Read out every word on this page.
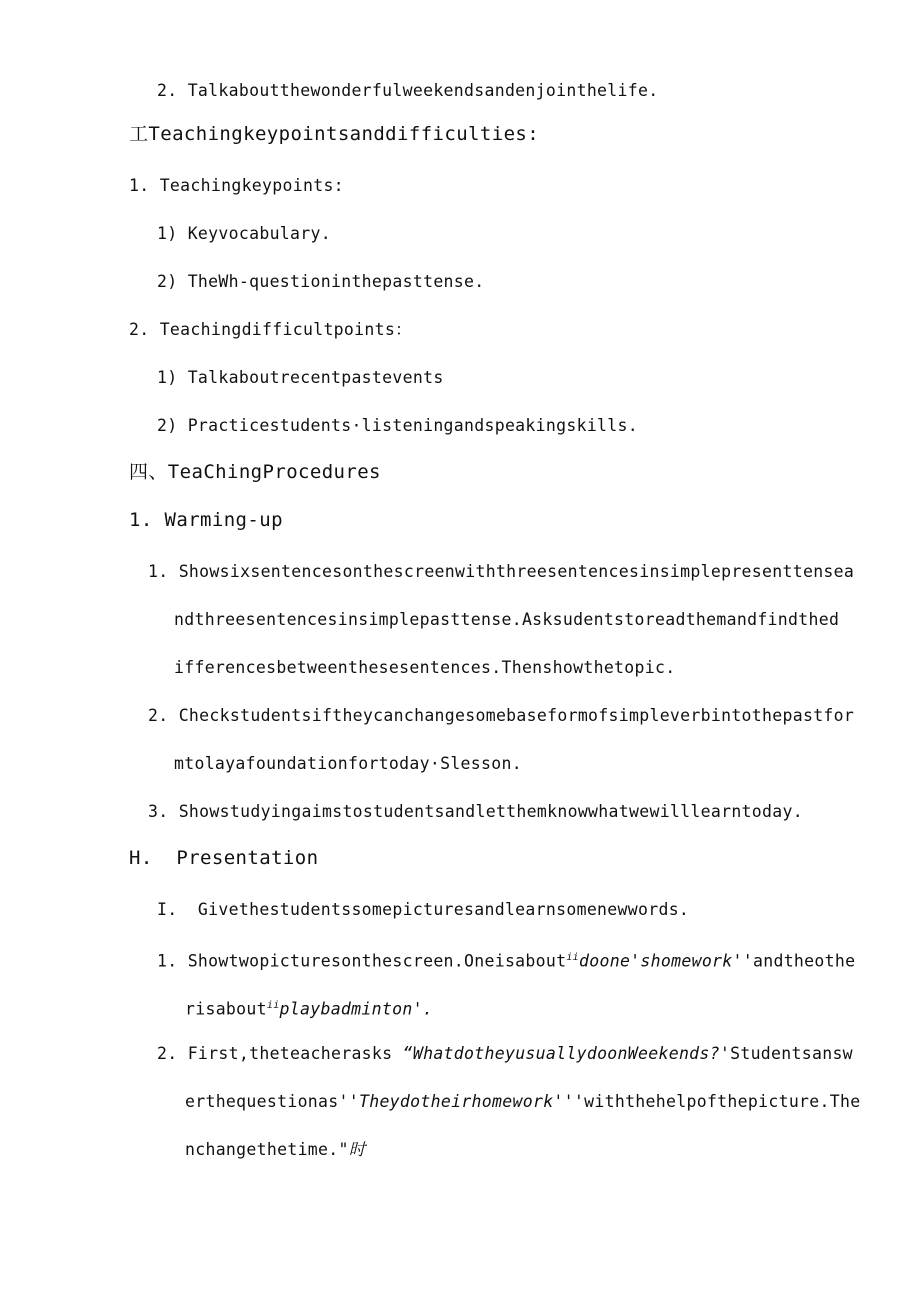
2. Talkaboutthewonderfulweekendsandenjointhelife.
工Teachingkeypointsanddifficulties:
1. Teachingkeypoints:
1) Keyvocabulary.
2) TheWh-questioninthepasttense.
2. Teachingdifficultpoints：
1) Talkaboutrecentpastevents
2) Practicestudents·listeningandspeakingskills.
四、TeaChingProcedures
1. Warming-up
1. Showsixsentencesonthescreenwiththreesentencesinsimplepresenttensea
ndthreesentencesinsimplepasttense.Asksudentstoreadthemandfindthed
ifferencesbetweenthesesentences.Thenshowthetopic.
2. Checkstudentsiftheycanchangesomebaseformofsimpleverbintothepastfor
mtolayafoundationfortoday·Slesson.
3. Showstudyingaimstostudentsandletthemknowwhatwewilllearntoday.
H.  Presentation
I.  Givethestudentssomepicturesandlearnsomenewwords.
1. Showtwopicturesonthescreen.Oneisabout$^{ii}$doone'shomework''andtheothe
risabout$^{ii}$playbadminton'.
2. First,theteacherasks “WhatdotheyusuallydoonWeekends?'Studentsansw
erthequestionas''Theydotheirhomework'''withthehelpofthepicture.The
nchangethetime."时
